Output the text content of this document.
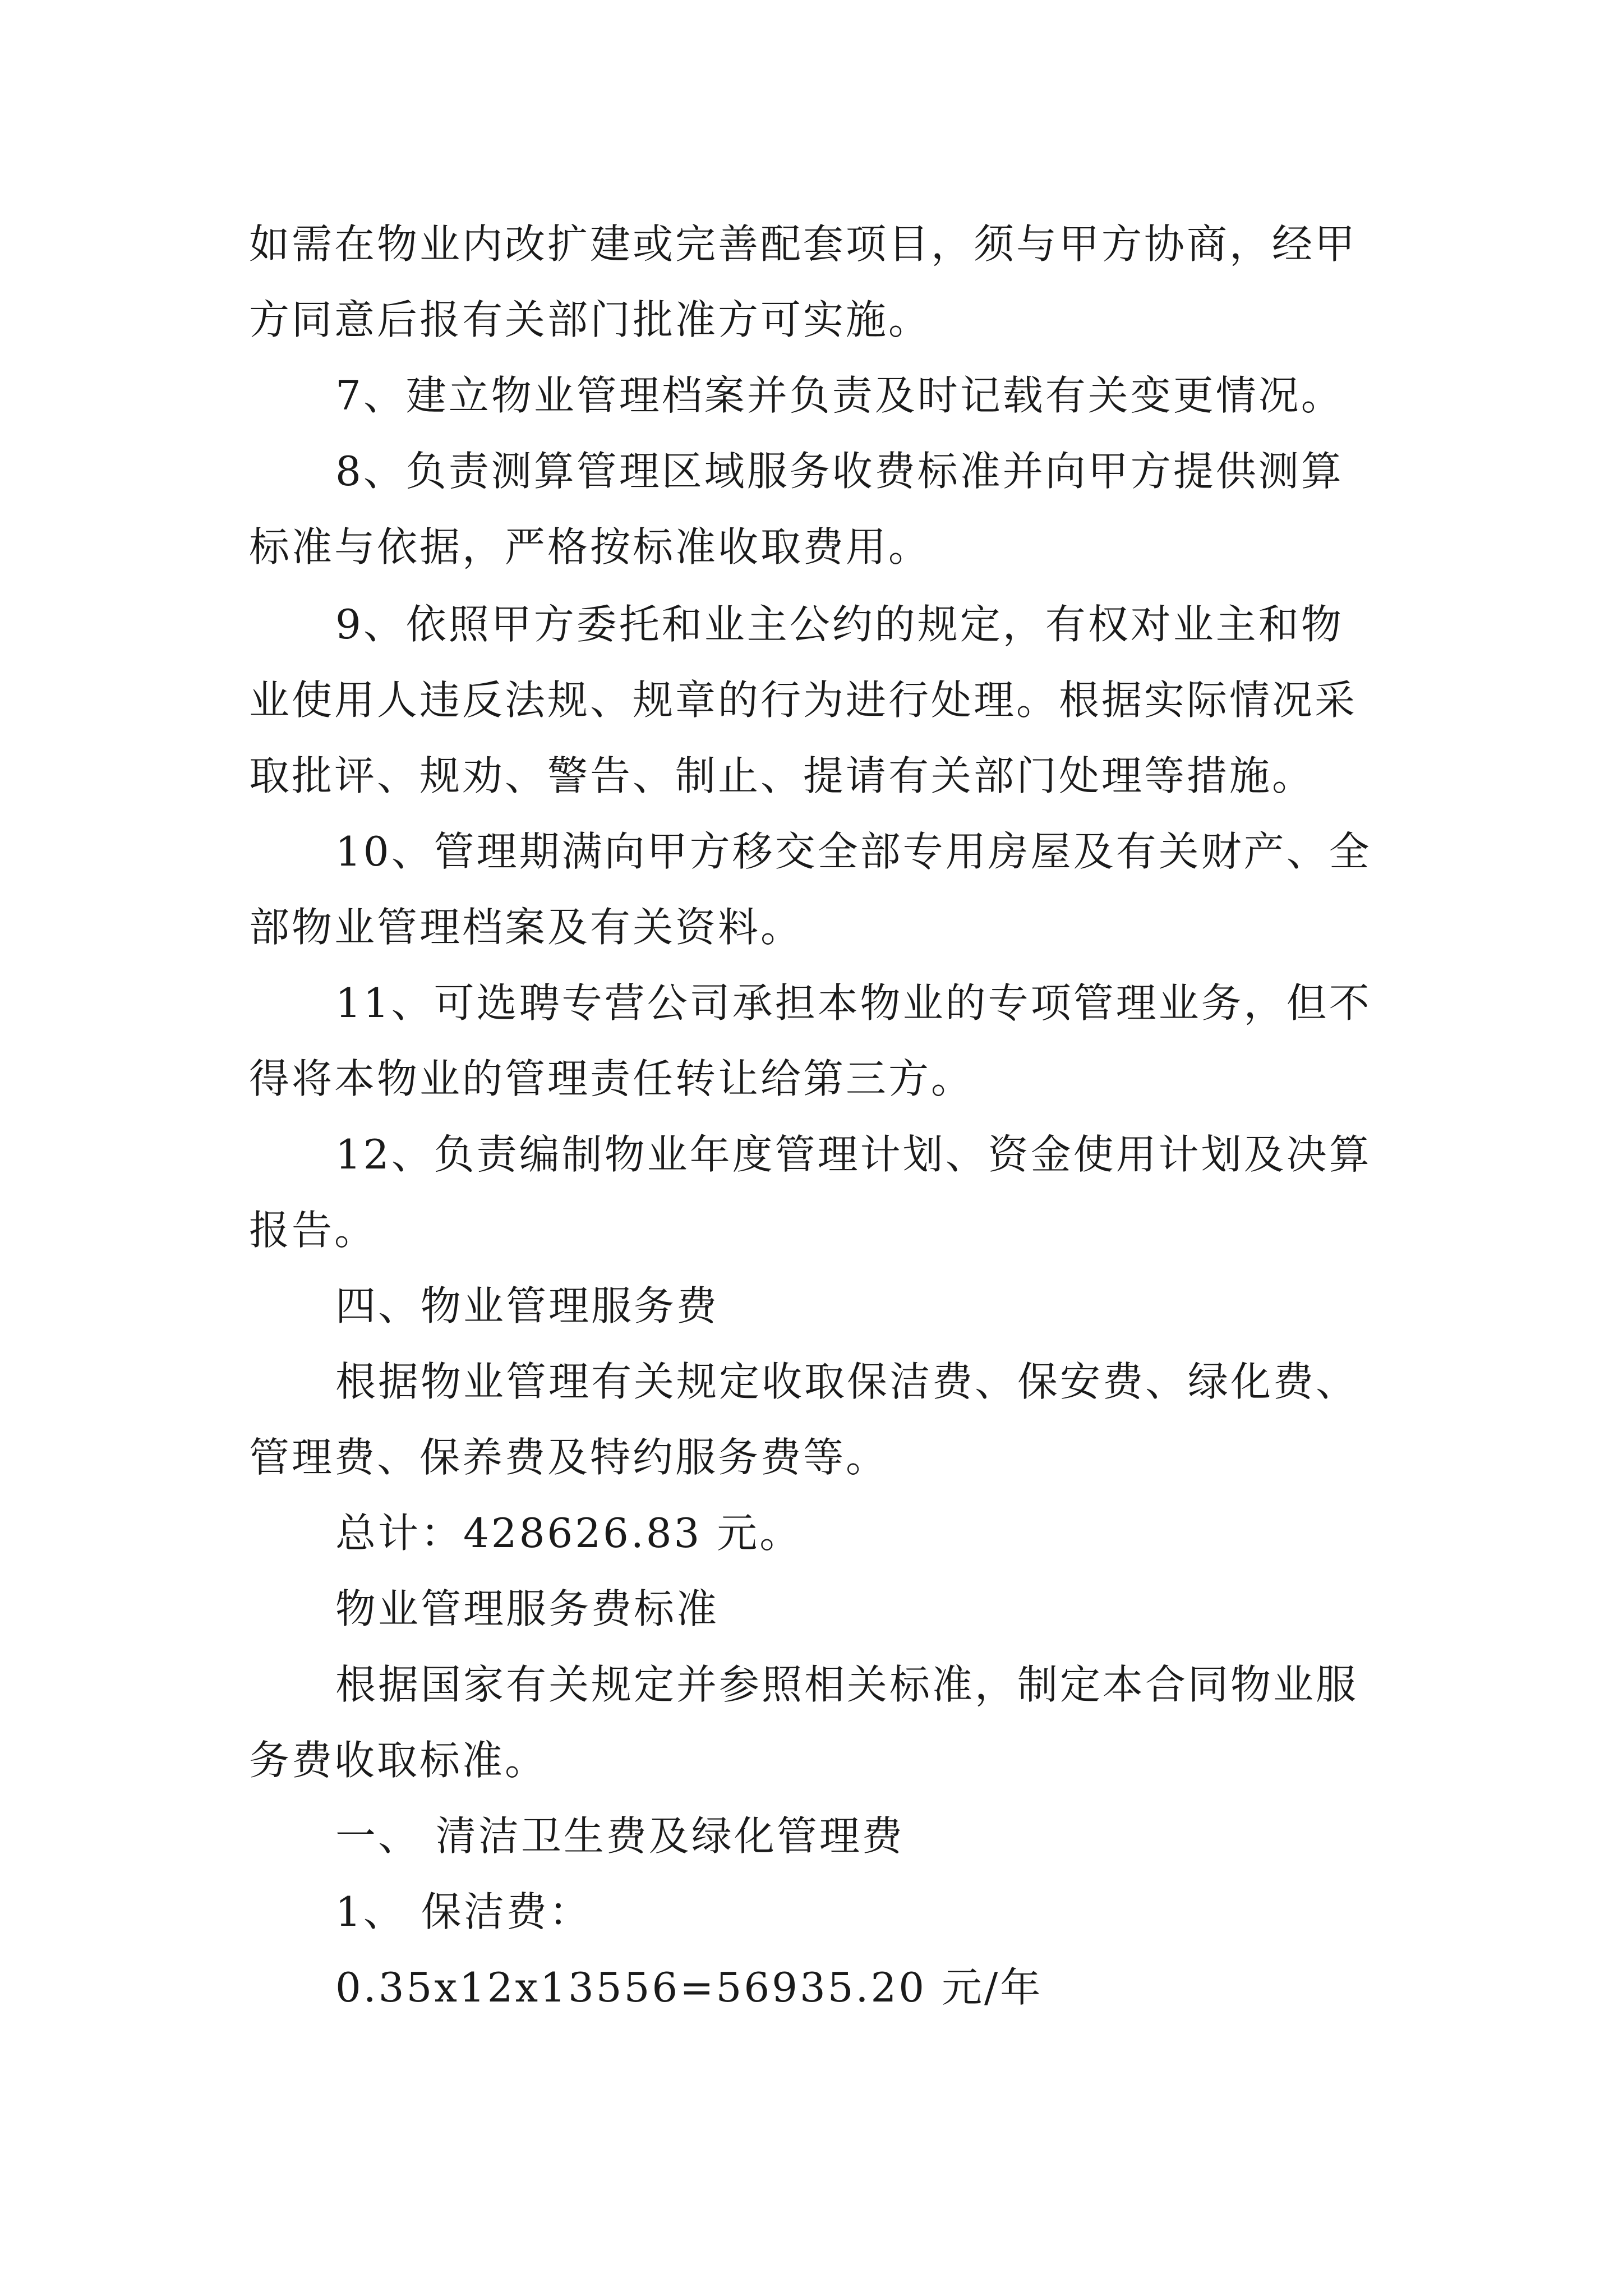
如需在物业内改扩建或完善配套项目，须与甲方协商，经甲
方同意后报有关部门批准方可实施。
7、建立物业管理档案并负责及时记载有关变更情况。
8、负责测算管理区域服务收费标准并向甲方提供测算
标准与依据，严格按标准收取费用。
9、依照甲方委托和业主公约的规定，有权对业主和物
业使用人违反法规、规章的行为进行处理。根据实际情况采
取批评、规劝、警告、制止、提请有关部门处理等措施。
10、管理期满向甲方移交全部专用房屋及有关财产、全
部物业管理档案及有关资料。
11、可选聘专营公司承担本物业的专项管理业务，但不
得将本物业的管理责任转让给第三方。
12、负责编制物业年度管理计划、资金使用计划及决算
报告。
四、物业管理服务费
根据物业管理有关规定收取保洁费、保安费、绿化费、
管理费、保养费及特约服务费等。
总计：428626.83 元。
物业管理服务费标准
根据国家有关规定并参照相关标准，制定本合同物业服
务费收取标准。
一、 清洁卫生费及绿化管理费
1、 保洁费：
0.35x12x13556=56935.20 元/年
